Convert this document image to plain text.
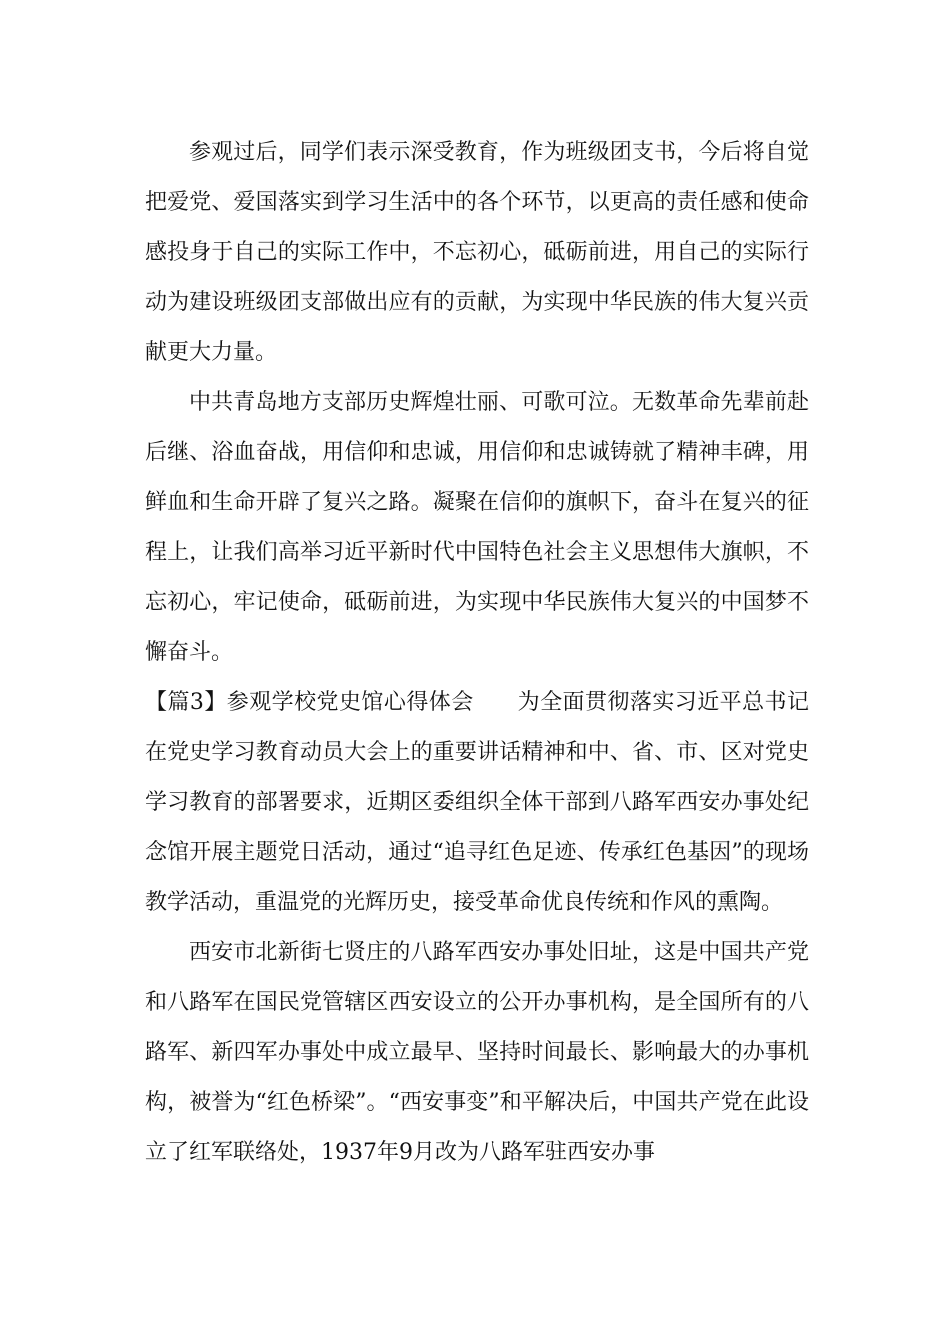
参观过后，同学们表示深受教育，作为班级团支书，今后将自觉把爱党、爱国落实到学习生活中的各个环节，以更高的责任感和使命感投身于自己的实际工作中，不忘初心，砥砺前进，用自己的实际行动为建设班级团支部做出应有的贡献，为实现中华民族的伟大复兴贡献更大力量。

中共青岛地方支部历史辉煌壮丽、可歌可泣。无数革命先辈前赴后继、浴血奋战，用信仰和忠诚，用信仰和忠诚铸就了精神丰碑，用鲜血和生命开辟了复兴之路。凝聚在信仰的旗帜下，奋斗在复兴的征程上，让我们高举习近平新时代中国特色社会主义思想伟大旗帜，不忘初心，牢记使命，砥砺前进，为实现中华民族伟大复兴的中国梦不懈奋斗。

【篇3】参观学校党史馆心得体会 为全面贯彻落实习近平总书记在党史学习教育动员大会上的重要讲话精神和中、省、市、区对党史学习教育的部署要求，近期区委组织全体干部到八路军西安办事处纪念馆开展主题党日活动，通过“追寻红色足迹、传承红色基因”的现场教学活动，重温党的光辉历史，接受革命优良传统和作风的熏陶。

西安市北新街七贤庄的八路军西安办事处旧址，这是中国共产党和八路军在国民党管辖区西安设立的公开办事机构，是全国所有的八路军、新四军办事处中成立最早、坚持时间最长、影响最大的办事机构，被誉为“红色桥梁”。“西安事变”和平解决后，中国共产党在此设立了红军联络处，1937年9月改为八路军驻西安办事
